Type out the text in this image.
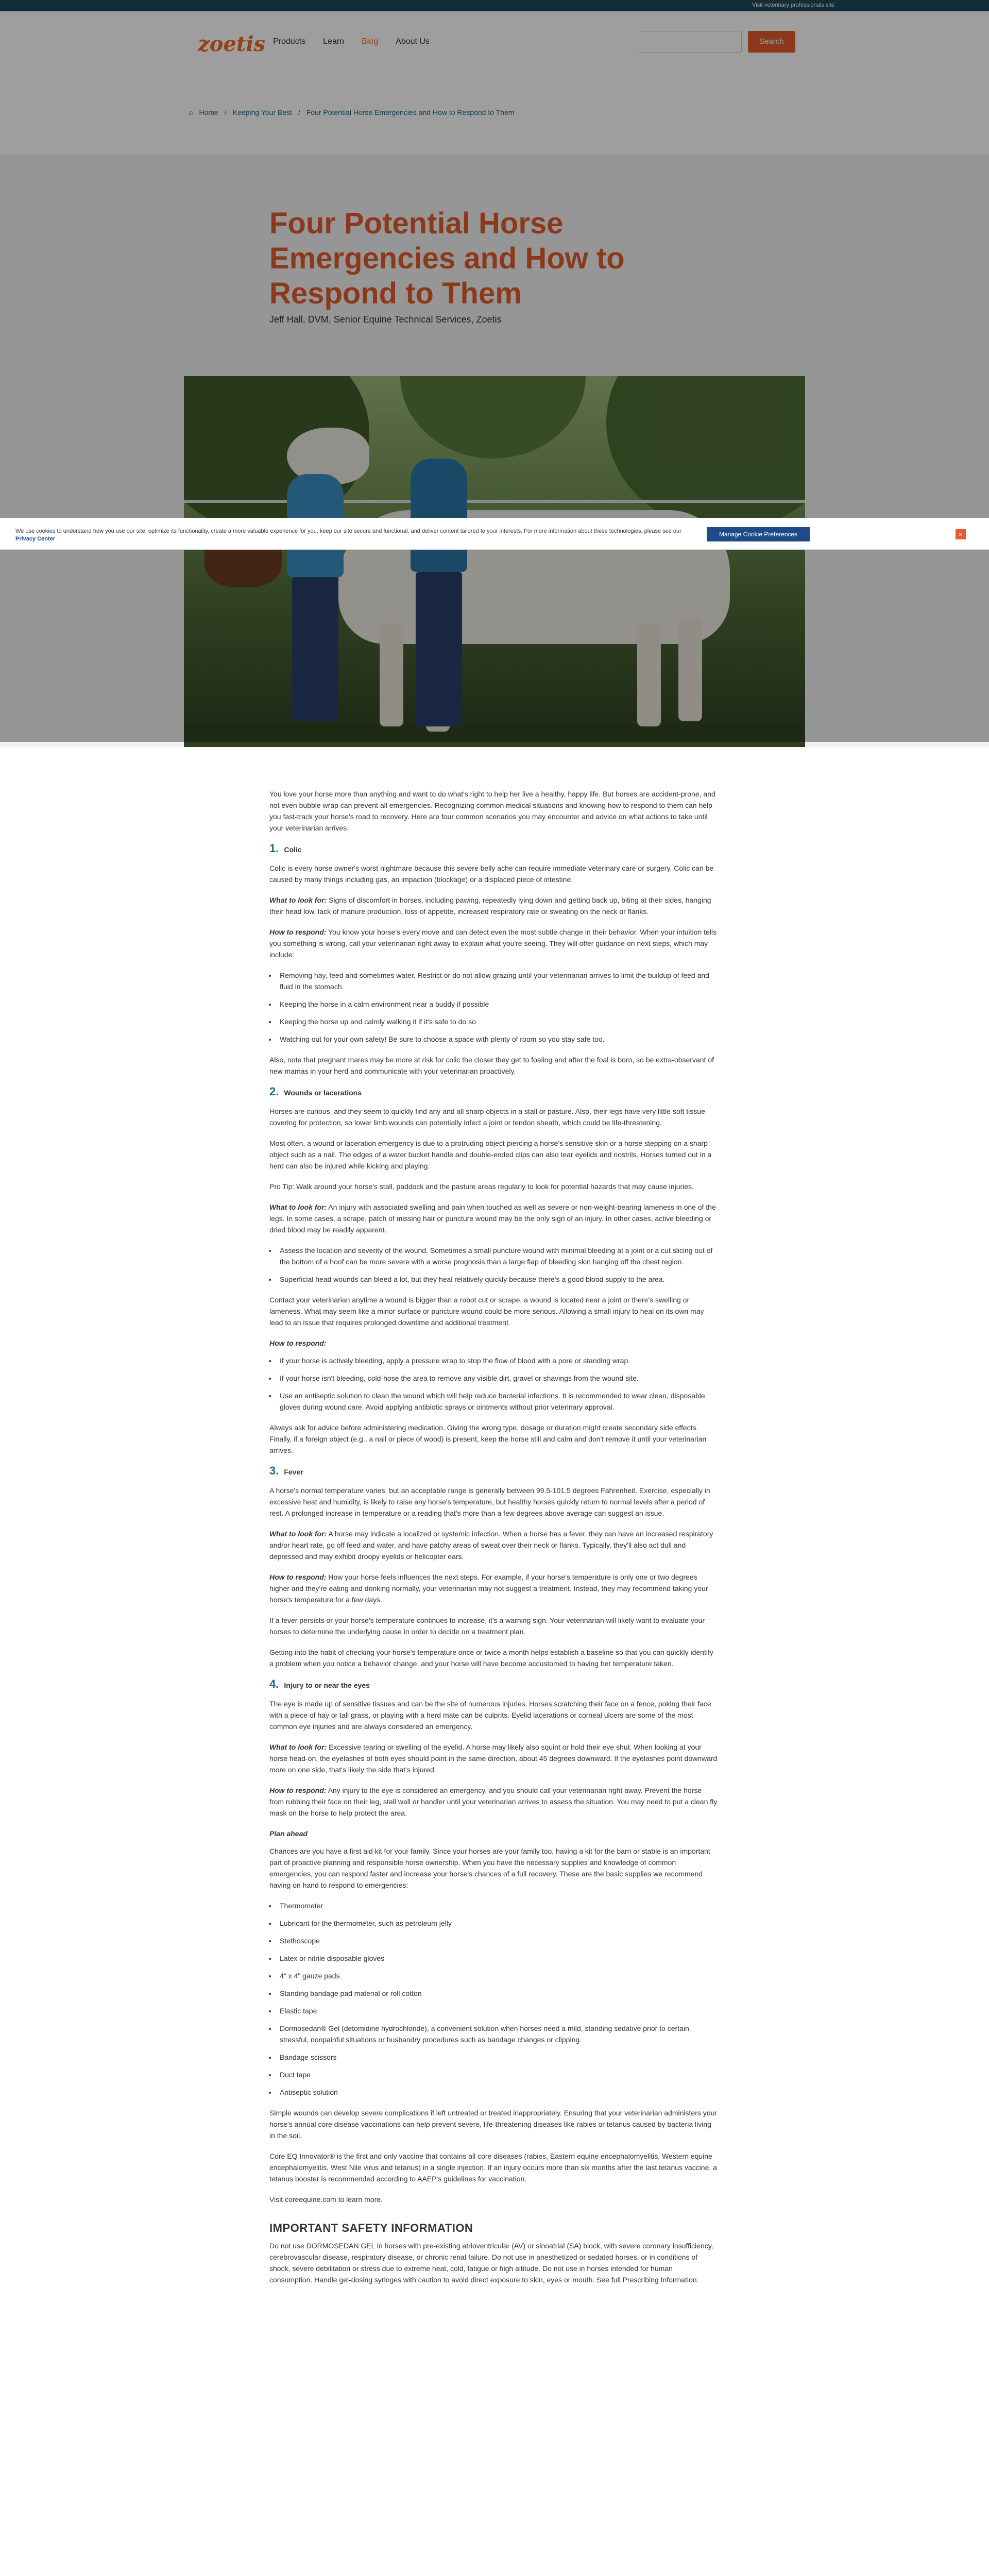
Visit veterinary professionals site
zoetis Products Learn Blog About Us	Search
⌂ Home / Keeping Your Best / Four Potential Horse Emergencies and How to Respond to Them
Four Potential Horse Emergencies and How to Respond to Them
Jeff Hall, DVM, Senior Equine Technical Services, Zoetis
We use cookies to understand how you use our site, optimize its functionality, create a more valuable experience for you, keep our site secure and functional, and deliver content tailored to your interests. For more information about these technologies, please see our Privacy Center
Manage Cookie Preferences	×

You love your horse more than anything and want to do what's right to help her live a healthy, happy life. But horses are accident-prone, and not even bubble wrap can prevent all emergencies. Recognizing common medical situations and knowing how to respond to them can help you fast-track your horse's road to recovery. Here are four common scenarios you may encounter and advice on what actions to take until your veterinarian arrives.

1. Colic

Colic is every horse owner's worst nightmare because this severe belly ache can require immediate veterinary care or surgery. Colic can be caused by many things including gas, an impaction (blockage) or a displaced piece of intestine.

What to look for: Signs of discomfort in horses, including pawing, repeatedly lying down and getting back up, biting at their sides, hanging their head low, lack of manure production, loss of appetite, increased respiratory rate or sweating on the neck or flanks.

How to respond: You know your horse's every move and can detect even the most subtle change in their behavior. When your intuition tells you something is wrong, call your veterinarian right away to explain what you're seeing. They will offer guidance on next steps, which may include:

• Removing hay, feed and sometimes water. Restrict or do not allow grazing until your veterinarian arrives to limit the buildup of feed and fluid in the stomach.
• Keeping the horse in a calm environment near a buddy if possible
• Keeping the horse up and calmly walking it if it's safe to do so
• Watching out for your own safety! Be sure to choose a space with plenty of room so you stay safe too.

Also, note that pregnant mares may be more at risk for colic the closer they get to foaling and after the foal is born, so be extra-observant of new mamas in your herd and communicate with your veterinarian proactively.

2. Wounds or lacerations

Horses are curious, and they seem to quickly find any and all sharp objects in a stall or pasture. Also, their legs have very little soft tissue covering for protection, so lower limb wounds can potentially infect a joint or tendon sheath, which could be life-threatening.

Most often, a wound or laceration emergency is due to a protruding object piercing a horse's sensitive skin or a horse stepping on a sharp object such as a nail. The edges of a water bucket handle and double-ended clips can also tear eyelids and nostrils. Horses turned out in a herd can also be injured while kicking and playing.

Pro Tip: Walk around your horse's stall, paddock and the pasture areas regularly to look for potential hazards that may cause injuries.

What to look for: An injury with associated swelling and pain when touched as well as severe or non-weight-bearing lameness in one of the legs. In some cases, a scrape, patch of missing hair or puncture wound may be the only sign of an injury. In other cases, active bleeding or dried blood may be readily apparent.

• Assess the location and severity of the wound. Sometimes a small puncture wound with minimal bleeding at a joint or a cut slicing out of the bottom of a hoof can be more severe with a worse prognosis than a large flap of bleeding skin hanging off the chest region.
• Superficial head wounds can bleed a lot, but they heal relatively quickly because there's a good blood supply to the area.

Contact your veterinarian anytime a wound is bigger than a robot cut or scrape, a wound is located near a joint or there's swelling or lameness. What may seem like a minor surface or puncture wound could be more serious. Allowing a small injury to heal on its own may lead to an issue that requires prolonged downtime and additional treatment.

How to respond:
• If your horse is actively bleeding, apply a pressure wrap to stop the flow of blood with a pore or standing wrap.
• If your horse isn't bleeding, cold-hose the area to remove any visible dirt, gravel or shavings from the wound site.
• Use an antiseptic solution to clean the wound which will help reduce bacterial infections. It is recommended to wear clean, disposable gloves during wound care. Avoid applying antibiotic sprays or ointments without prior veterinary approval.

Always ask for advice before administering medication. Giving the wrong type, dosage or duration might create secondary side effects. Finally, if a foreign object (e.g., a nail or piece of wood) is present, keep the horse still and calm and don't remove it until your veterinarian arrives.

3. Fever

A horse's normal temperature varies, but an acceptable range is generally between 99.5-101.5 degrees Fahrenheit. Exercise, especially in excessive heat and humidity, is likely to raise any horse's temperature, but healthy horses quickly return to normal levels after a period of rest. A prolonged increase in temperature or a reading that's more than a few degrees above average can suggest an issue.

What to look for: A horse may indicate a localized or systemic infection. When a horse has a fever, they can have an increased respiratory and/or heart rate, go off feed and water, and have patchy areas of sweat over their neck or flanks. Typically, they'll also act dull and depressed and may exhibit droopy eyelids or helicopter ears.

How to respond: How your horse feels influences the next steps. For example, if your horse's temperature is only one or two degrees higher and they're eating and drinking normally, your veterinarian may not suggest a treatment. Instead, they may recommend taking your horse's temperature for a few days.

If a fever persists or your horse's temperature continues to increase, it's a warning sign. Your veterinarian will likely want to evaluate your horses to determine the underlying cause in order to decide on a treatment plan.

Getting into the habit of checking your horse's temperature once or twice a month helps establish a baseline so that you can quickly identify a problem when you notice a behavior change, and your horse will have become accustomed to having her temperature taken.

4. Injury to or near the eyes

The eye is made up of sensitive tissues and can be the site of numerous injuries. Horses scratching their face on a fence, poking their face with a piece of hay or tall grass, or playing with a herd mate can be culprits. Eyelid lacerations or corneal ulcers are some of the most common eye injuries and are always considered an emergency.

What to look for: Excessive tearing or swelling of the eyelid. A horse may likely also squint or hold their eye shut. When looking at your horse head-on, the eyelashes of both eyes should point in the same direction, about 45 degrees downward. If the eyelashes point downward more on one side, that's likely the side that's injured.

How to respond: Any injury to the eye is considered an emergency, and you should call your veterinarian right away. Prevent the horse from rubbing their face on their leg, stall wall or handler until your veterinarian arrives to assess the situation. You may need to put a clean fly mask on the horse to help protect the area.

Plan ahead

Chances are you have a first aid kit for your family. Since your horses are your family too, having a kit for the barn or stable is an important part of proactive planning and responsible horse ownership. When you have the necessary supplies and knowledge of common emergencies, you can respond faster and increase your horse's chances of a full recovery. These are the basic supplies we recommend having on hand to respond to emergencies:

• Thermometer
• Lubricant for the thermometer, such as petroleum jelly
• Stethoscope
• Latex or nitrile disposable gloves
• 4" x 4" gauze pads
• Standing bandage pad material or roll cotton
• Elastic tape
• Dormosedan® Gel (detomidine hydrochloride), a convenient solution when horses need a mild, standing sedative prior to certain stressful, nonpainful situations or husbandry procedures such as bandage changes or clipping.
• Bandage scissors
• Duct tape
• Antiseptic solution

Simple wounds can develop severe complications if left untreated or treated inappropriately. Ensuring that your veterinarian administers your horse's annual core disease vaccinations can help prevent severe, life-threatening diseases like rabies or tetanus caused by bacteria living in the soil.

Core EQ Innovator® is the first and only vaccine that contains all core diseases (rabies, Eastern equine encephalomyelitis, Western equine encephalomyelitis, West Nile virus and tetanus) in a single injection. If an injury occurs more than six months after the last tetanus vaccine, a tetanus booster is recommended according to AAEP's guidelines for vaccination.

Visit coreequine.com to learn more.

IMPORTANT SAFETY INFORMATION

Do not use DORMOSEDAN GEL in horses with pre-existing atrioventricular (AV) or sinoatrial (SA) block, with severe coronary insufficiency, cerebrovascular disease, respiratory disease, or chronic renal failure. Do not use in anesthetized or sedated horses, or in conditions of shock, severe debilitation or stress due to extreme heat, cold, fatigue or high altitude. Do not use in horses intended for human consumption. Handle gel-dosing syringes with caution to avoid direct exposure to skin, eyes or mouth. See full Prescribing Information.
